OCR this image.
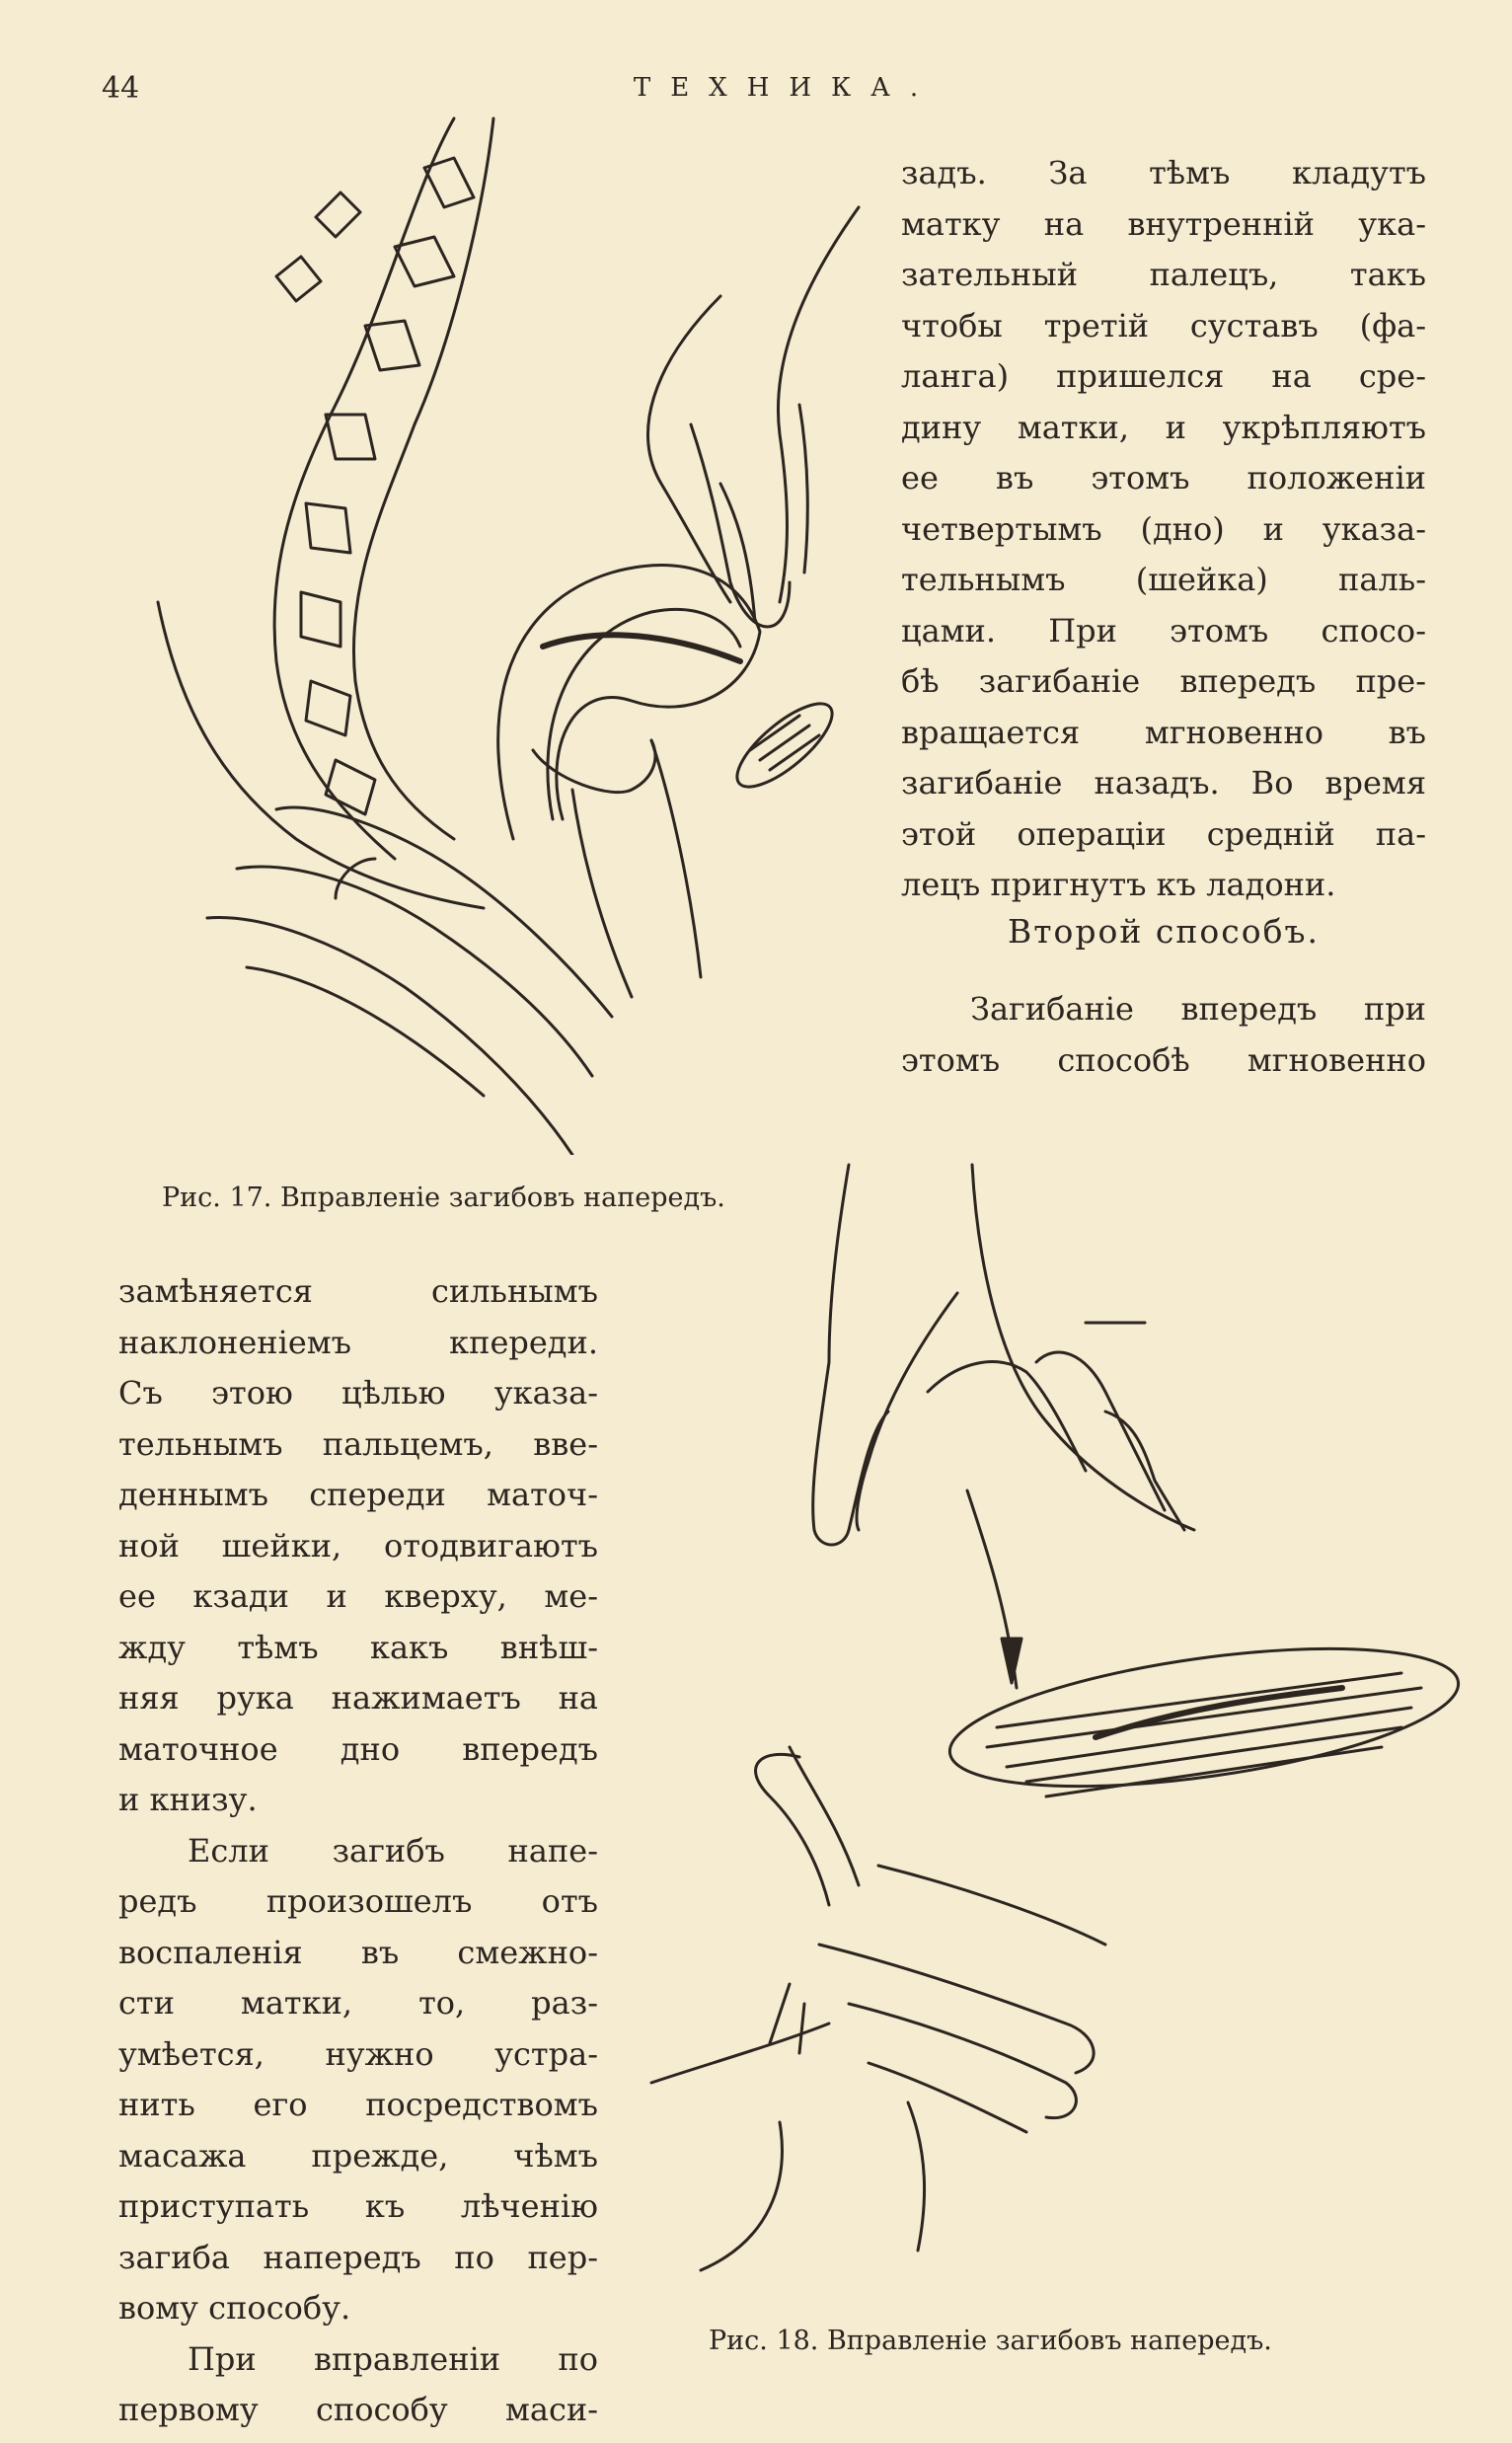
44	ТЕХНИКА.
Рис. 17. Вправленіе загибовъ напередъ.
задъ. За тѣмъ кладутъ
матку на внутренній ука-
зательный палецъ, такъ
чтобы третій суставъ (фа-
ланга) пришелся на сре-
дину матки, и укрѣпляютъ
ее въ этомъ положеніи
четвертымъ (дно) и указа-
тельнымъ (шейка) паль-
цами. При этомъ спосо-
бѣ загибаніе впередъ пре-
вращается мгновенно въ
загибаніе назадъ. Во время
этой операціи средній па-
лецъ пригнутъ къ ладони.
Второй способъ.
Загибаніе впередъ при
этомъ способѣ мгновенно
замѣняется сильнымъ
наклоненіемъ кпереди.
Съ этою цѣлью указа-
тельнымъ пальцемъ, вве-
деннымъ спереди маточ-
ной шейки, отодвигаютъ
ее кзади и кверху, ме-
жду тѣмъ какъ внѣш-
няя рука нажимаетъ на
маточное дно впередъ
и книзу.
Если загибъ напе-
редъ произошелъ отъ
воспаленія въ смежно-
сти матки, то, раз-
умѣется, нужно устра-
нить его посредствомъ
масажа прежде, чѣмъ
приступать къ лѣченію
загиба напередъ по пер-
вому способу.
При вправленіи по
первому способу маси-
Рис. 18. Вправленіе загибовъ напередъ.
